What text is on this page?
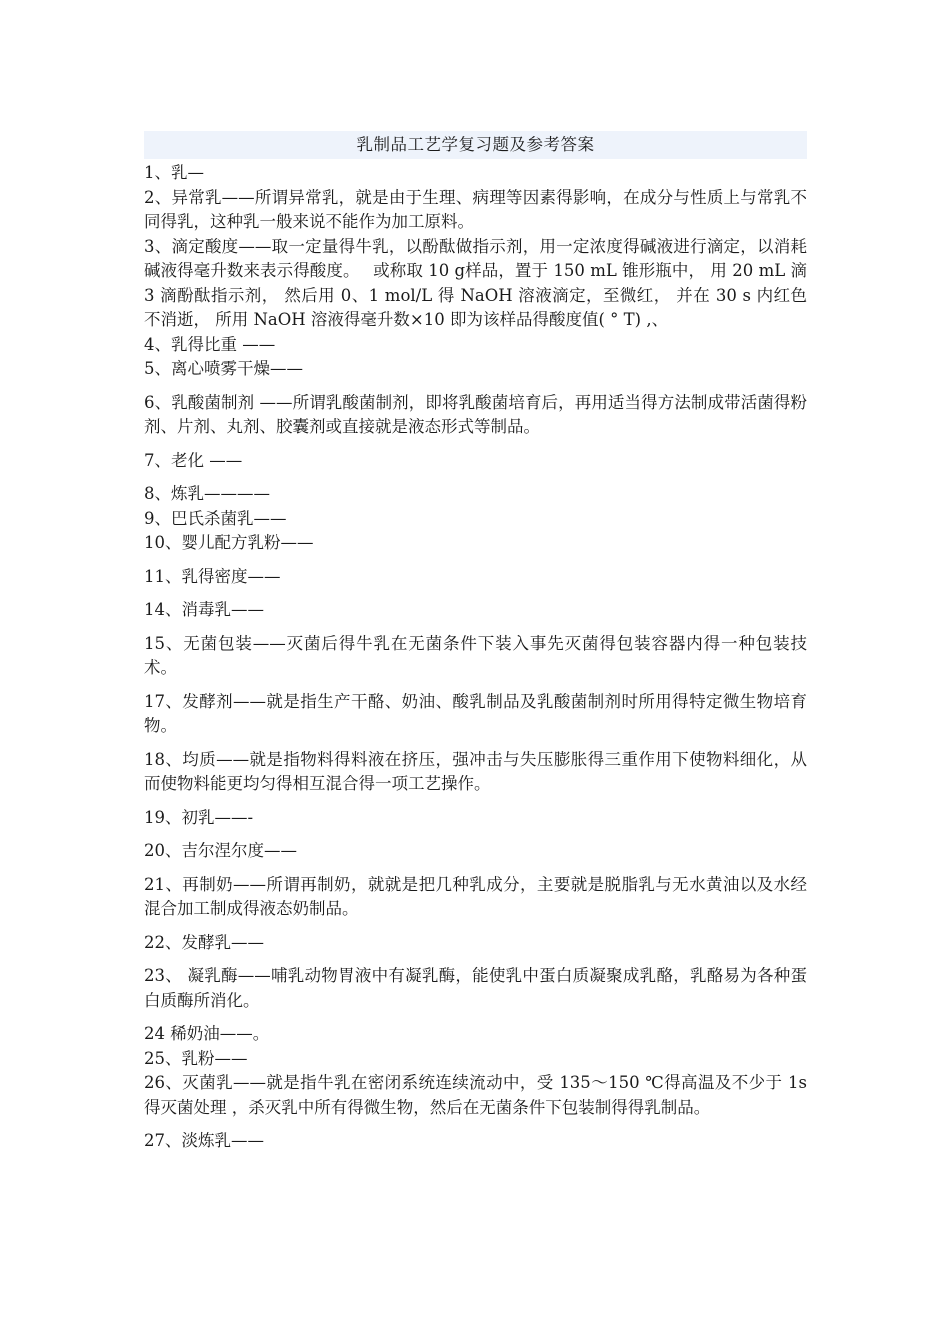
乳制品工艺学复习题及参考答案
1、乳—
2、异常乳——所谓异常乳，就是由于生理、病理等因素得影响，在成分与性质上与常乳不同得乳，这种乳一般来说不能作为加工原料。
3、滴定酸度——取一定量得牛乳，以酚酞做指示剂，用一定浓度得碱液进行滴定，以消耗碱液得毫升数来表示得酸度。　 或称取 10 g样品，置于 150 mL 锥形瓶中， 用 20 mL 滴 3 滴酚酞指示剂， 然后用 0、1 mol/L 得 NaOH 溶液滴定，至微红， 并在 30 s 内红色不消逝， 所用 NaOH 溶液得毫升数×10 即为该样品得酸度值( ° T) ,、
4、乳得比重 ——
5、离心喷雾干燥——
6、乳酸菌制剂 ——所谓乳酸菌制剂，即将乳酸菌培育后，再用适当得方法制成带活菌得粉剂、片剂、丸剂、胶囊剂或直接就是液态形式等制品。
7、老化 ——
8、炼乳————
9、巴氏杀菌乳——
10、婴儿配方乳粉——
11、乳得密度——
14、消毒乳——
15、无菌包装——灭菌后得牛乳在无菌条件下装入事先灭菌得包装容器内得一种包装技术。
17、发酵剂——就是指生产干酪、奶油、酸乳制品及乳酸菌制剂时所用得特定微生物培育物。
18、均质——就是指物料得料液在挤压，强冲击与失压膨胀得三重作用下使物料细化，从而使物料能更均匀得相互混合得一项工艺操作。
19、初乳——-
20、吉尔涅尔度——
21、再制奶——所谓再制奶，就就是把几种乳成分，主要就是脱脂乳与无水黄油以及水经混合加工制成得液态奶制品。
22、发酵乳——
23、 凝乳酶——哺乳动物胃液中有凝乳酶，能使乳中蛋白质凝聚成乳酪，乳酪易为各种蛋白质酶所消化。
24 稀奶油——。
25、乳粉——
26、灭菌乳——就是指牛乳在密闭系统连续流动中，受 135～150 ℃得高温及不少于 1s 得灭菌处理 ，杀灭乳中所有得微生物，然后在无菌条件下包装制得得乳制品。
27、淡炼乳——
